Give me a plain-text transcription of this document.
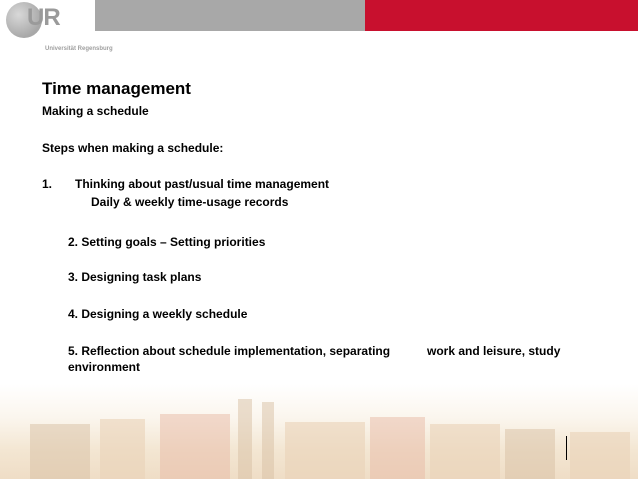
UR
Universität Regensburg
Time management
Making a schedule
Steps when making a schedule:
1. Thinking about past/usual time management
Daily & weekly time-usage records
2. Setting goals – Setting priorities
3. Designing task plans
4. Designing a weekly schedule
5. Reflection about schedule implementation, separating	work and leisure, study
environment
